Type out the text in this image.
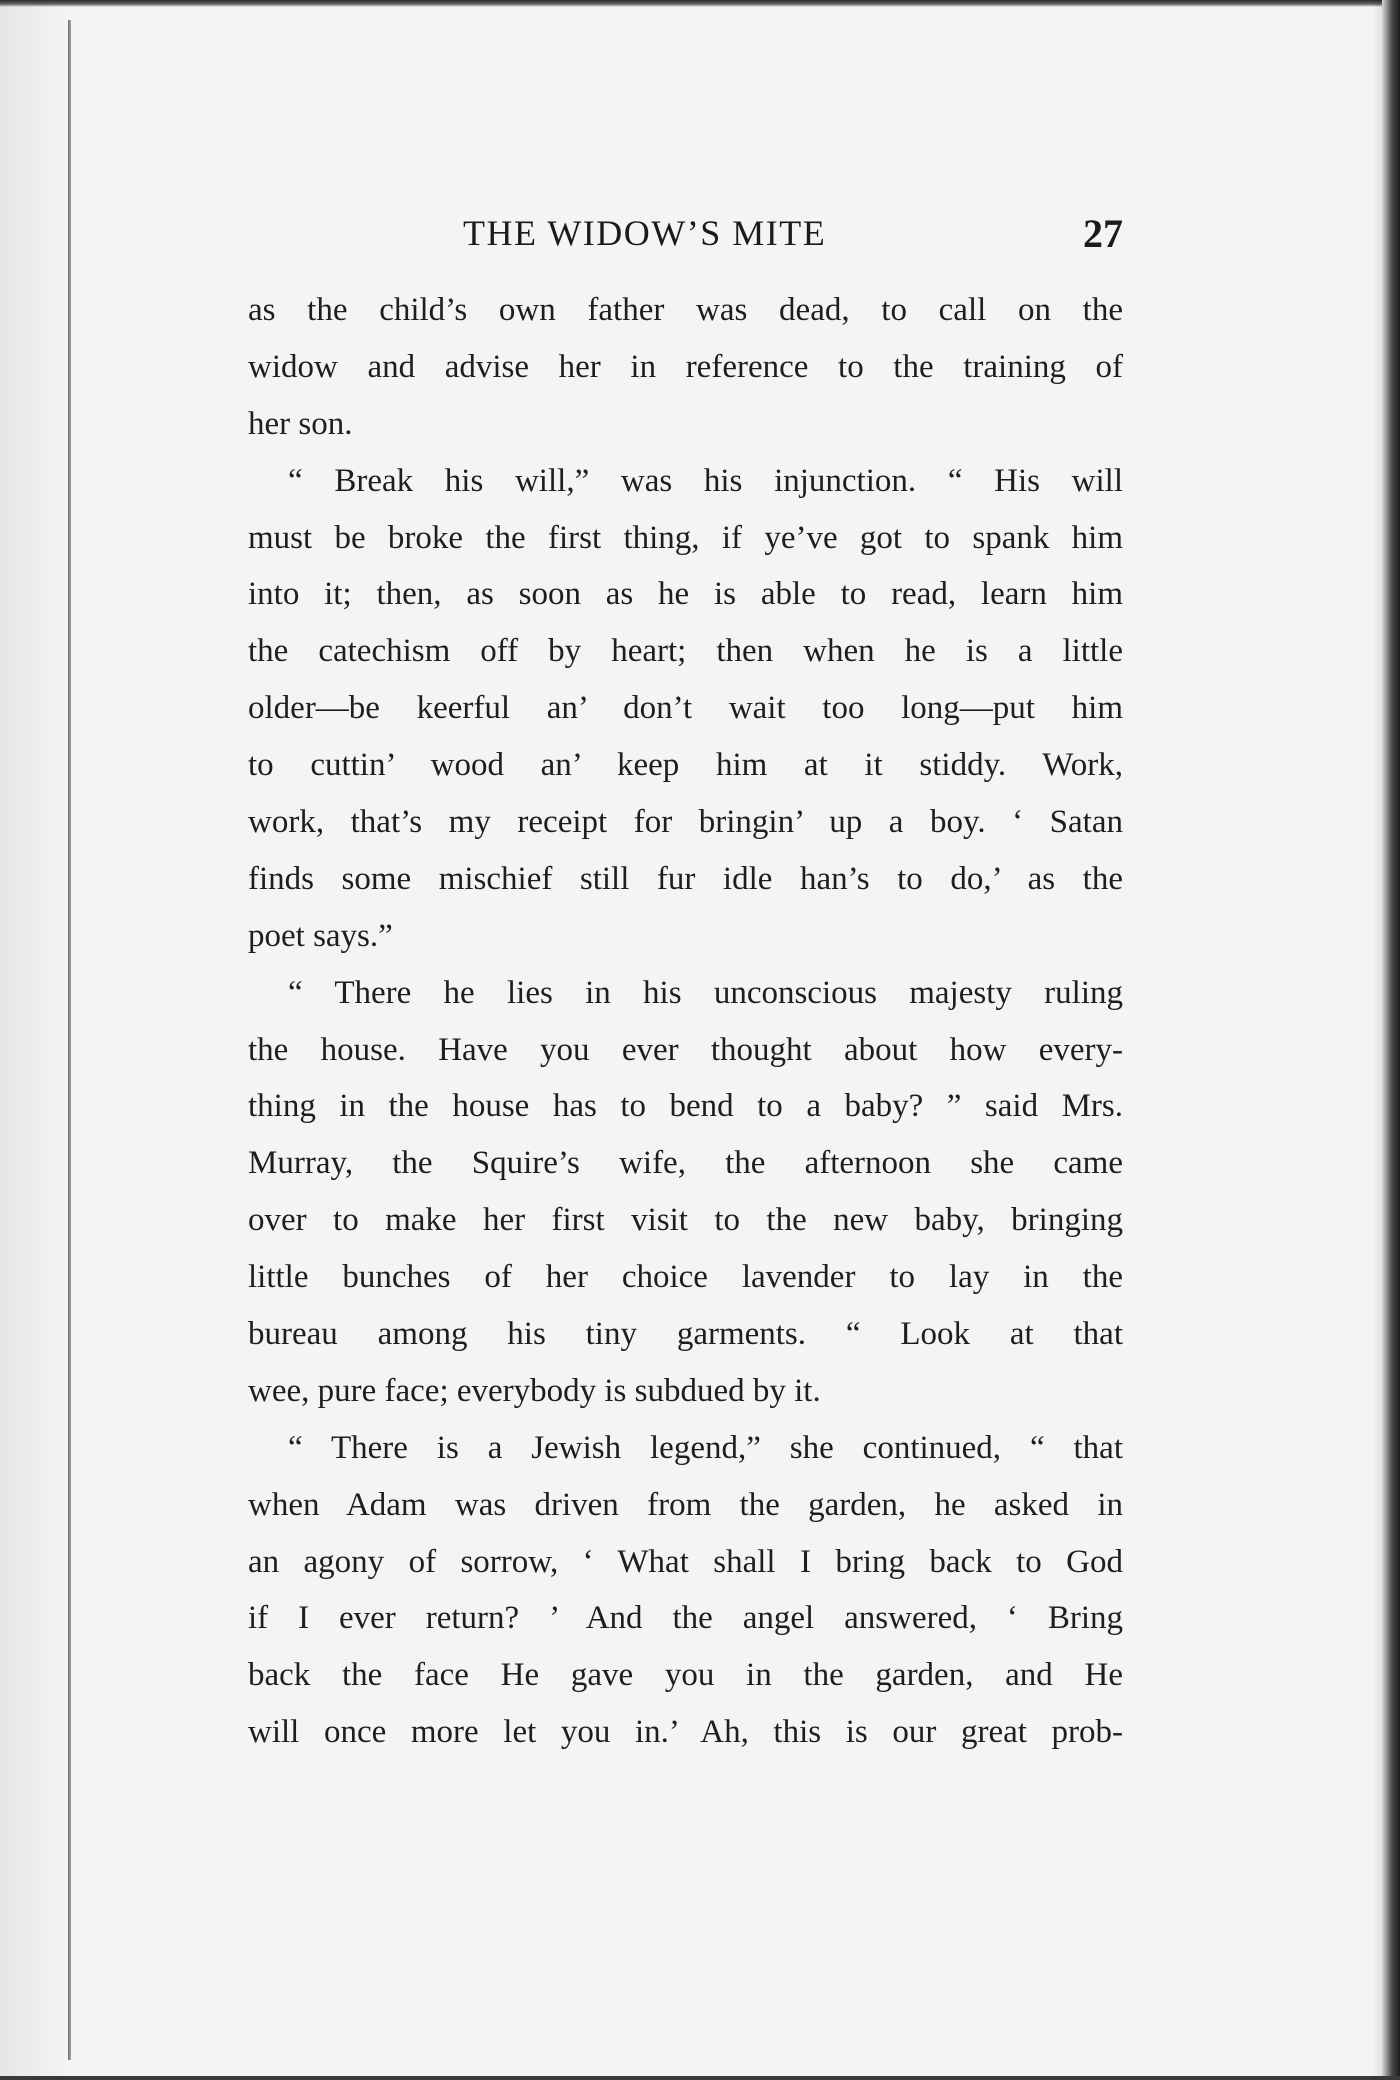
THE WIDOW’S MITE	27
as the child’s own father was dead, to call on the
widow and advise her in reference to the training of
her son.
“ Break his will,” was his injunction. “ His will
must be broke the first thing, if ye’ve got to spank him
into it; then, as soon as he is able to read, learn him
the catechism off by heart; then when he is a little
older—be keerful an’ don’t wait too long—put him
to cuttin’ wood an’ keep him at it stiddy. Work,
work, that’s my receipt for bringin’ up a boy. ‘ Satan
finds some mischief still fur idle han’s to do,’ as the
poet says.”
“ There he lies in his unconscious majesty ruling
the house. Have you ever thought about how every-
thing in the house has to bend to a baby? ” said Mrs.
Murray, the Squire’s wife, the afternoon she came
over to make her first visit to the new baby, bringing
little bunches of her choice lavender to lay in the
bureau among his tiny garments. “ Look at that
wee, pure face; everybody is subdued by it.
“ There is a Jewish legend,” she continued, “ that
when Adam was driven from the garden, he asked in
an agony of sorrow, ‘ What shall I bring back to God
if I ever return? ’ And the angel answered, ‘ Bring
back the face He gave you in the garden, and He
will once more let you in.’ Ah, this is our great prob-
